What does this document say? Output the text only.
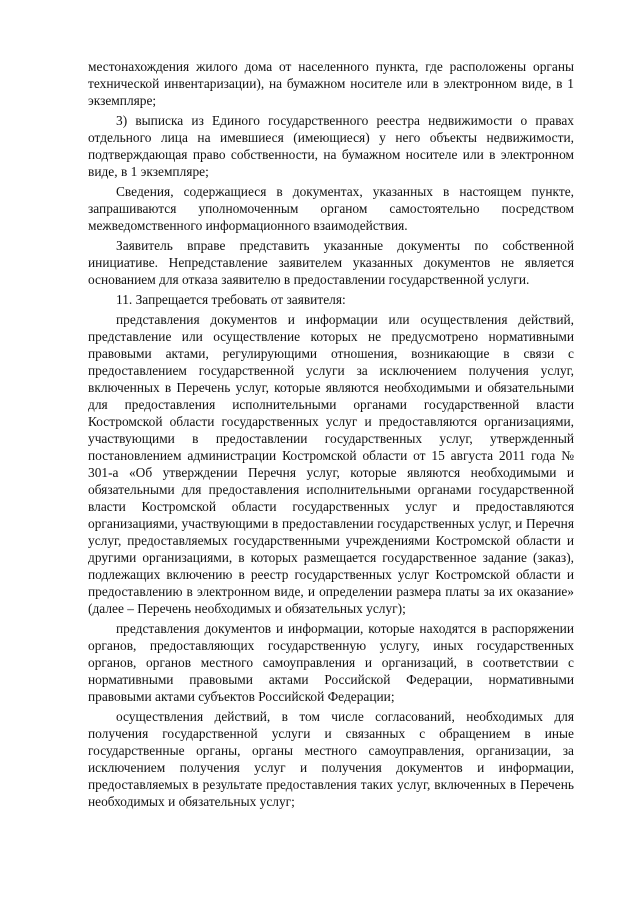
местонахождения жилого дома от населенного пункта, где расположены органы технической инвентаризации), на бумажном носителе или в электронном виде, в 1 экземпляре;

3) выписка из Единого государственного реестра недвижимости о правах отдельного лица на имевшиеся (имеющиеся) у него объекты недвижимости, подтверждающая право собственности, на бумажном носителе или в электронном виде, в 1 экземпляре;

Сведения, содержащиеся в документах, указанных в настоящем пункте, запрашиваются уполномоченным органом самостоятельно посредством межведомственного информационного взаимодействия.

Заявитель вправе представить указанные документы по собственной инициативе. Непредставление заявителем указанных документов не является основанием для отказа заявителю в предоставлении государственной услуги.

11. Запрещается требовать от заявителя:

представления документов и информации или осуществления действий, представление или осуществление которых не предусмотрено нормативными правовыми актами, регулирующими отношения, возникающие в связи с предоставлением государственной услуги за исключением получения услуг, включенных в Перечень услуг, которые являются необходимыми и обязательными для предоставления исполнительными органами государственной власти Костромской области государственных услуг и предоставляются организациями, участвующими в предоставлении государственных услуг, утвержденный постановлением администрации Костромской области от 15 августа 2011 года № 301-а «Об утверждении Перечня услуг, которые являются необходимыми и обязательными для предоставления исполнительными органами государственной власти Костромской области государственных услуг и предоставляются организациями, участвующими в предоставлении государственных услуг, и Перечня услуг, предоставляемых государственными учреждениями Костромской области и другими организациями, в которых размещается государственное задание (заказ), подлежащих включению в реестр государственных услуг Костромской области и предоставлению в электронном виде, и определении размера платы за их оказание» (далее – Перечень необходимых и обязательных услуг);

представления документов и информации, которые находятся в распоряжении органов, предоставляющих государственную услугу, иных государственных органов, органов местного самоуправления и организаций, в соответствии с нормативными правовыми актами Российской Федерации, нормативными правовыми актами субъектов Российской Федерации;

осуществления действий, в том числе согласований, необходимых для получения государственной услуги и связанных с обращением в иные государственные органы, органы местного самоуправления, организации, за исключением получения услуг и получения документов и информации, предоставляемых в результате предоставления таких услуг, включенных в Перечень необходимых и обязательных услуг;
